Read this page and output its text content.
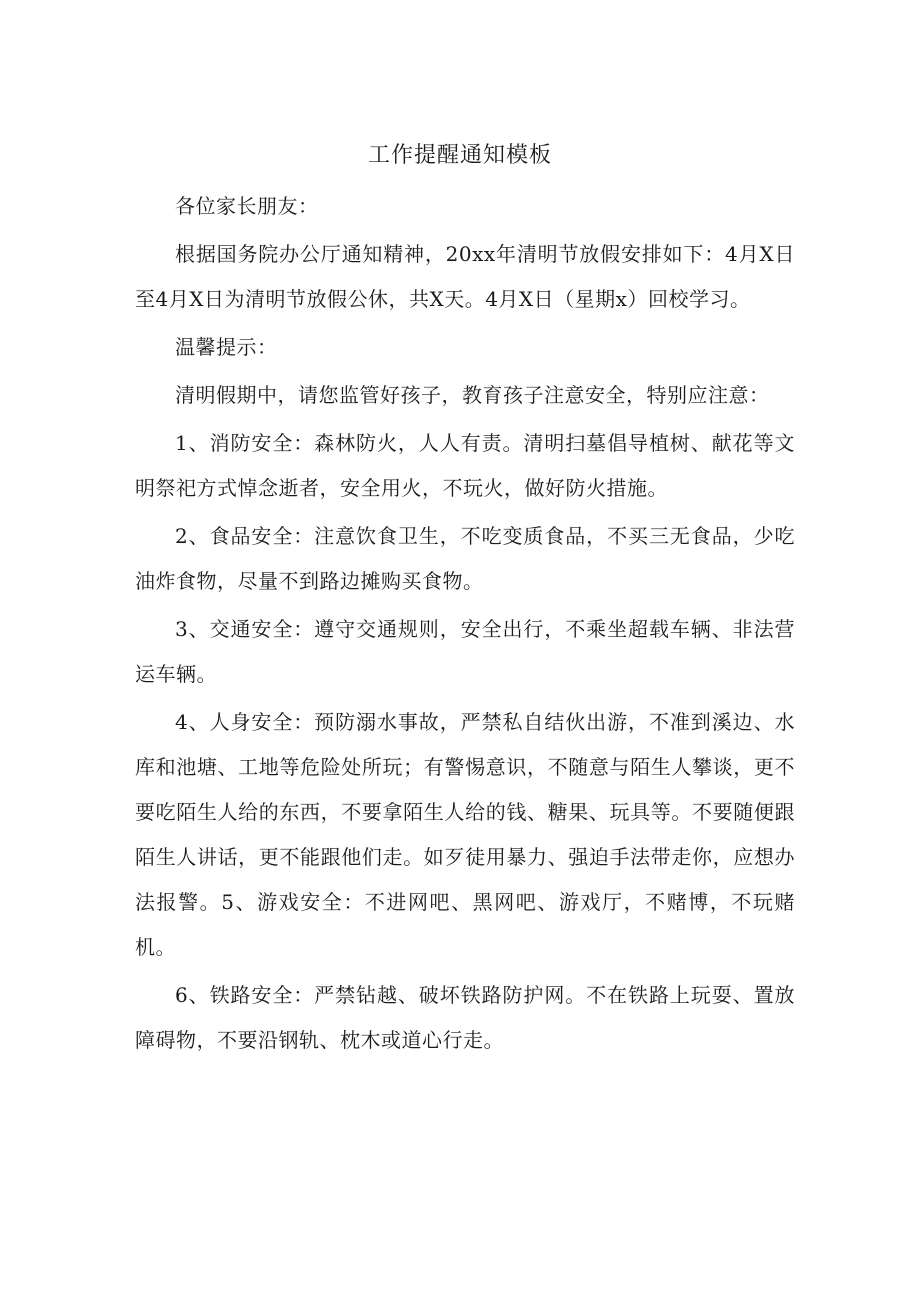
工作提醒通知模板

各位家长朋友：

根据国务院办公厅通知精神，20xx年清明节放假安排如下：4月X日至4月X日为清明节放假公休，共X天。4月X日（星期x）回校学习。

温馨提示：

清明假期中，请您监管好孩子，教育孩子注意安全，特别应注意：

1、消防安全：森林防火，人人有责。清明扫墓倡导植树、献花等文明祭祀方式悼念逝者，安全用火，不玩火，做好防火措施。

2、食品安全：注意饮食卫生，不吃变质食品，不买三无食品，少吃油炸食物，尽量不到路边摊购买食物。

3、交通安全：遵守交通规则，安全出行，不乘坐超载车辆、非法营运车辆。

4、人身安全：预防溺水事故，严禁私自结伙出游，不准到溪边、水库和池塘、工地等危险处所玩；有警惕意识，不随意与陌生人攀谈，更不要吃陌生人给的东西，不要拿陌生人给的钱、糖果、玩具等。不要随便跟陌生人讲话，更不能跟他们走。如歹徒用暴力、强迫手法带走你，应想办法报警。5、游戏安全：不进网吧、黑网吧、游戏厅，不赌博，不玩赌机。

6、铁路安全：严禁钻越、破坏铁路防护网。不在铁路上玩耍、置放障碍物，不要沿钢轨、枕木或道心行走。
